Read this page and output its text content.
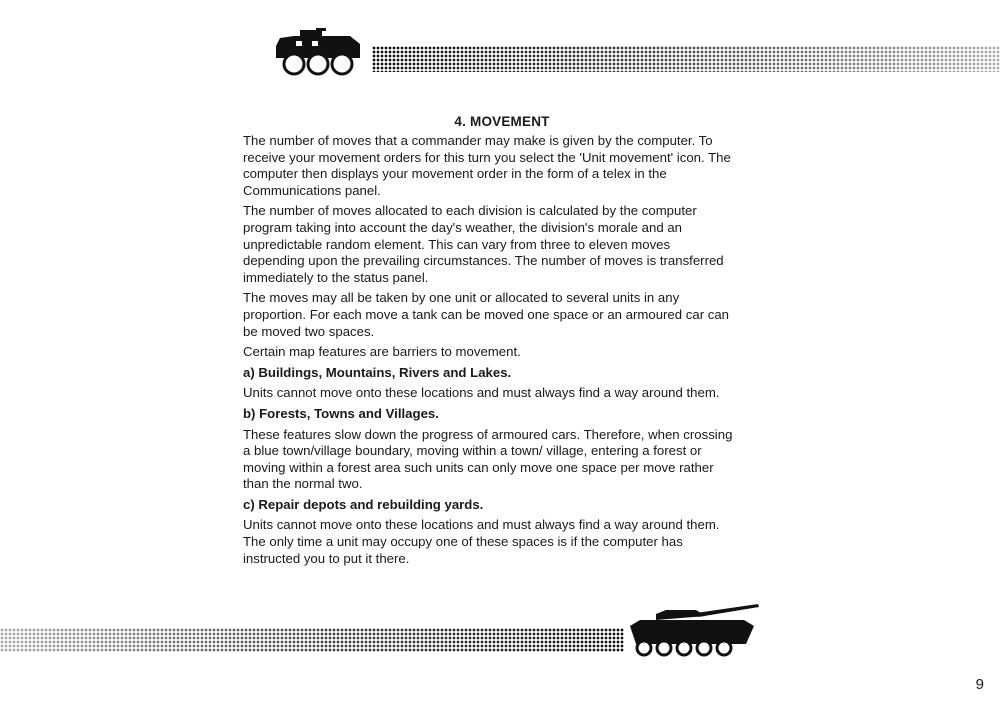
4. MOVEMENT

The number of moves that a commander may make is given by the computer. To receive your movement orders for this turn you select the 'Unit movement' icon. The computer then displays your movement order in the form of a telex in the Communications panel.

The number of moves allocated to each division is calculated by the computer program taking into account the day's weather, the division's morale and an unpredictable random element. This can vary from three to eleven moves depending upon the prevailing circumstances. The number of moves is transferred immediately to the status panel.

The moves may all be taken by one unit or allocated to several units in any proportion. For each move a tank can be moved one space or an armoured car can be moved two spaces.

Certain map features are barriers to movement.

a) Buildings, Mountains, Rivers and Lakes.

Units cannot move onto these locations and must always find a way around them.

b) Forests, Towns and Villages.

These features slow down the progress of armoured cars. Therefore, when crossing a blue town/village boundary, moving within a town/ village, entering a forest or moving within a forest area such units can only move one space per move rather than the normal two.

c) Repair depots and rebuilding yards.

Units cannot move onto these locations and must always find a way around them. The only time a unit may occupy one of these spaces is if the computer has instructed you to put it there.

9
